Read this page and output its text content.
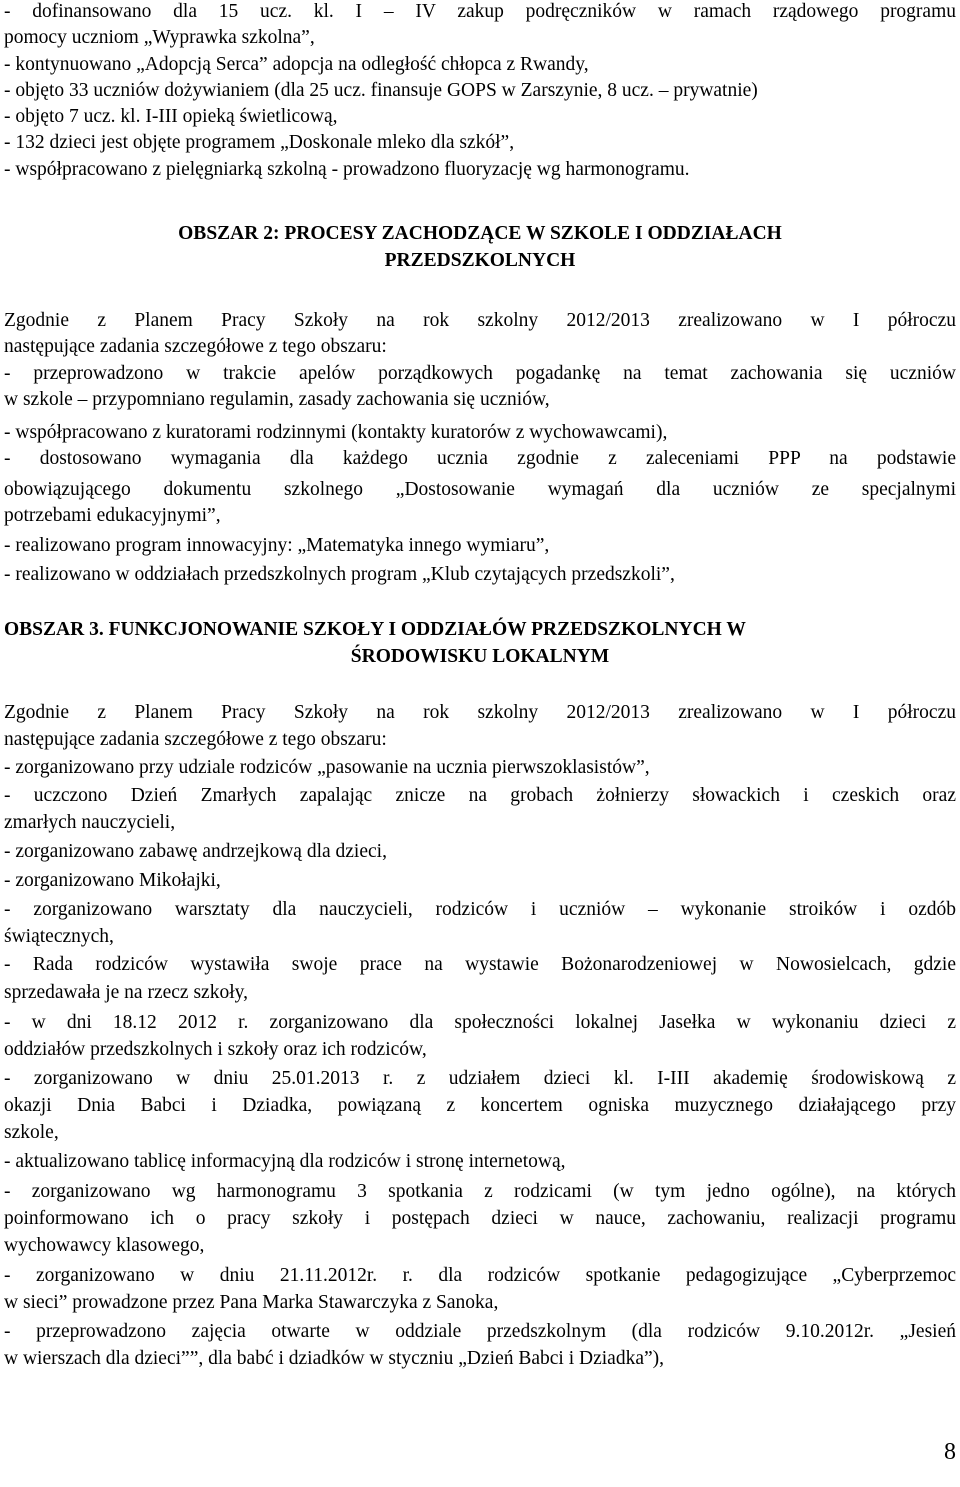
- dofinansowano dla 15 ucz. kl. I – IV zakup podręczników w ramach rządowego programu
pomocy uczniom „Wyprawka szkolna”,
- kontynuowano „Adopcją Serca” adopcja na odległość chłopca z Rwandy,
- objęto 33 uczniów dożywianiem (dla 25 ucz. finansuje GOPS w Zarszynie, 8 ucz. – prywatnie)
- objęto 7 ucz. kl. I-III opieką świetlicową,
- 132 dzieci jest objęte programem „Doskonale mleko dla szkół”,
- współpracowano z pielęgniarką szkolną - prowadzono fluoryzację wg harmonogramu.
OBSZAR 2: PROCESY ZACHODZĄCE W SZKOLE I ODDZIAŁACH
PRZEDSZKOLNYCH
Zgodnie z Planem Pracy Szkoły na rok szkolny 2012/2013 zrealizowano w I półroczu
następujące zadania szczegółowe z tego obszaru:
- przeprowadzono w trakcie apelów porządkowych pogadankę na temat zachowania się uczniów
w szkole – przypomniano regulamin, zasady zachowania się uczniów,
- współpracowano z kuratorami rodzinnymi (kontakty kuratorów z wychowawcami),
- dostosowano wymagania dla każdego ucznia zgodnie z zaleceniami PPP na podstawie
obowiązującego dokumentu szkolnego „Dostosowanie wymagań dla uczniów ze specjalnymi
potrzebami edukacyjnymi”,
- realizowano program innowacyjny: „Matematyka innego wymiaru”,
- realizowano w oddziałach przedszkolnych program „Klub czytających przedszkoli”,
OBSZAR 3. FUNKCJONOWANIE SZKOŁY I ODDZIAŁÓW PRZEDSZKOLNYCH W
ŚRODOWISKU LOKALNYM
Zgodnie z Planem Pracy Szkoły na rok szkolny 2012/2013 zrealizowano w I półroczu
następujące zadania szczegółowe z tego obszaru:
- zorganizowano przy udziale rodziców „pasowanie na ucznia pierwszoklasistów”,
- uczczono Dzień Zmarłych zapalając znicze na grobach żołnierzy słowackich i czeskich oraz
zmarłych nauczycieli,
- zorganizowano zabawę andrzejkową dla dzieci,
- zorganizowano Mikołajki,
- zorganizowano warsztaty dla nauczycieli, rodziców i uczniów – wykonanie stroików i ozdób
świątecznych,
- Rada rodziców wystawiła swoje prace na wystawie Bożonarodzeniowej w Nowosielcach, gdzie
sprzedawała je na rzecz szkoły,
- w dni 18.12 2012 r. zorganizowano dla społeczności lokalnej Jasełka w wykonaniu dzieci z
oddziałów przedszkolnych i szkoły oraz ich rodziców,
- zorganizowano w dniu 25.01.2013 r. z udziałem dzieci kl. I-III akademię środowiskową z
okazji Dnia Babci i Dziadka, powiązaną z koncertem ogniska muzycznego działającego przy
szkole,
- aktualizowano tablicę informacyjną dla rodziców i stronę internetową,
- zorganizowano wg harmonogramu 3 spotkania z rodzicami (w tym jedno ogólne), na których
poinformowano ich o pracy szkoły i postępach dzieci w nauce, zachowaniu, realizacji programu
wychowawcy klasowego,
- zorganizowano w dniu 21.11.2012r. r. dla rodziców spotkanie pedagogizujące „Cyberprzemoc
w sieci” prowadzone przez Pana Marka Stawarczyka z Sanoka,
- przeprowadzono zajęcia otwarte w oddziale przedszkolnym (dla rodziców 9.10.2012r. „Jesień
w wierszach dla dzieci””, dla babć i dziadków w styczniu „Dzień Babci i Dziadka”),
8
